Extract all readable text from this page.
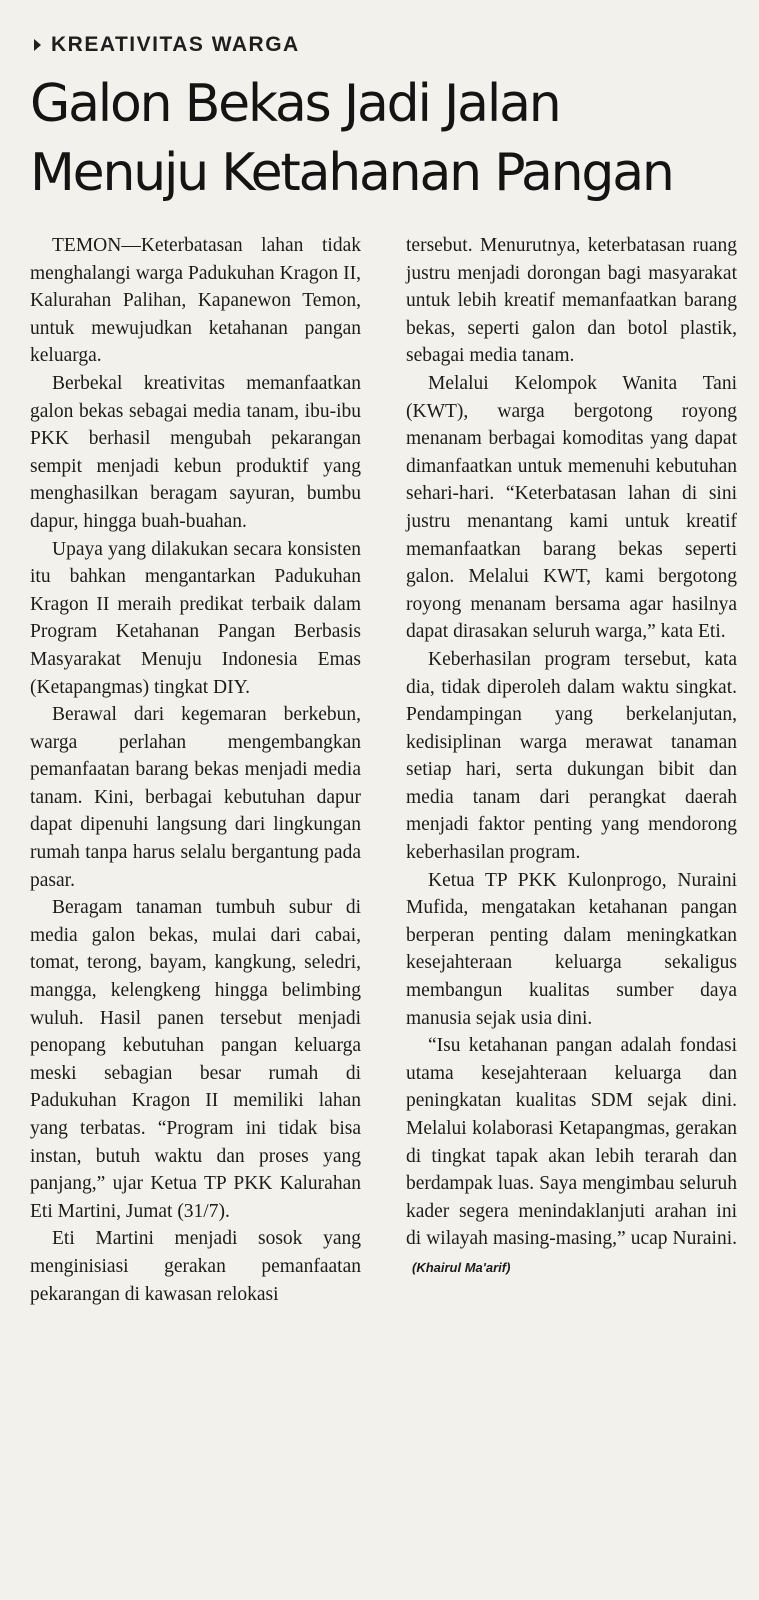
KREATIVITAS WARGA
Galon Bekas Jadi Jalan
Menuju Ketahanan Pangan

TEMON—Keterbatasan lahan tidak menghalangi warga Padukuhan Kragon II, Kalurahan Palihan, Kapanewon Temon, untuk mewujudkan ketahanan pangan keluarga.

Berbekal kreativitas memanfaatkan galon bekas sebagai media tanam, ibu-ibu PKK berhasil mengubah pekarangan sempit menjadi kebun produktif yang menghasilkan beragam sayuran, bumbu dapur, hingga buah-buahan.

Upaya yang dilakukan secara konsisten itu bahkan mengantarkan Padukuhan Kragon II meraih predikat terbaik dalam Program Ketahanan Pangan Berbasis Masyarakat Menuju Indonesia Emas (Ketapangmas) tingkat DIY.

Berawal dari kegemaran berkebun, warga perlahan mengembangkan pemanfaatan barang bekas menjadi media tanam. Kini, berbagai kebutuhan dapur dapat dipenuhi langsung dari lingkungan rumah tanpa harus selalu bergantung pada pasar.

Beragam tanaman tumbuh subur di media galon bekas, mulai dari cabai, tomat, terong, bayam, kangkung, seledri, mangga, kelengkeng hingga belimbing wuluh. Hasil panen tersebut menjadi penopang kebutuhan pangan keluarga meski sebagian besar rumah di Padukuhan Kragon II memiliki lahan yang terbatas. “Program ini tidak bisa instan, butuh waktu dan proses yang panjang,” ujar Ketua TP PKK Kalurahan Eti Martini, Jumat (31/7).

Eti Martini menjadi sosok yang menginisiasi gerakan pemanfaatan pekarangan di kawasan relokasi

tersebut. Menurutnya, keterbatasan ruang justru menjadi dorongan bagi masyarakat untuk lebih kreatif memanfaatkan barang bekas, seperti galon dan botol plastik, sebagai media tanam.

Melalui Kelompok Wanita Tani (KWT), warga bergotong royong menanam berbagai komoditas yang dapat dimanfaatkan untuk memenuhi kebutuhan sehari-hari. “Keterbatasan lahan di sini justru menantang kami untuk kreatif memanfaatkan barang bekas seperti galon. Melalui KWT, kami bergotong royong menanam bersama agar hasilnya dapat dirasakan seluruh warga,” kata Eti.

Keberhasilan program tersebut, kata dia, tidak diperoleh dalam waktu singkat. Pendampingan yang berkelanjutan, kedisiplinan warga merawat tanaman setiap hari, serta dukungan bibit dan media tanam dari perangkat daerah menjadi faktor penting yang mendorong keberhasilan program.

Ketua TP PKK Kulonprogo, Nuraini Mufida, mengatakan ketahanan pangan berperan penting dalam meningkatkan kesejahteraan keluarga sekaligus membangun kualitas sumber daya manusia sejak usia dini.

“Isu ketahanan pangan adalah fondasi utama kesejahteraan keluarga dan peningkatan kualitas SDM sejak dini. Melalui kolaborasi Ketapangmas, gerakan di tingkat tapak akan lebih terarah dan berdampak luas. Saya mengimbau seluruh kader segera menindaklanjuti arahan ini di wilayah masing-masing,” ucap Nuraini.(Khairul Ma'arif)
